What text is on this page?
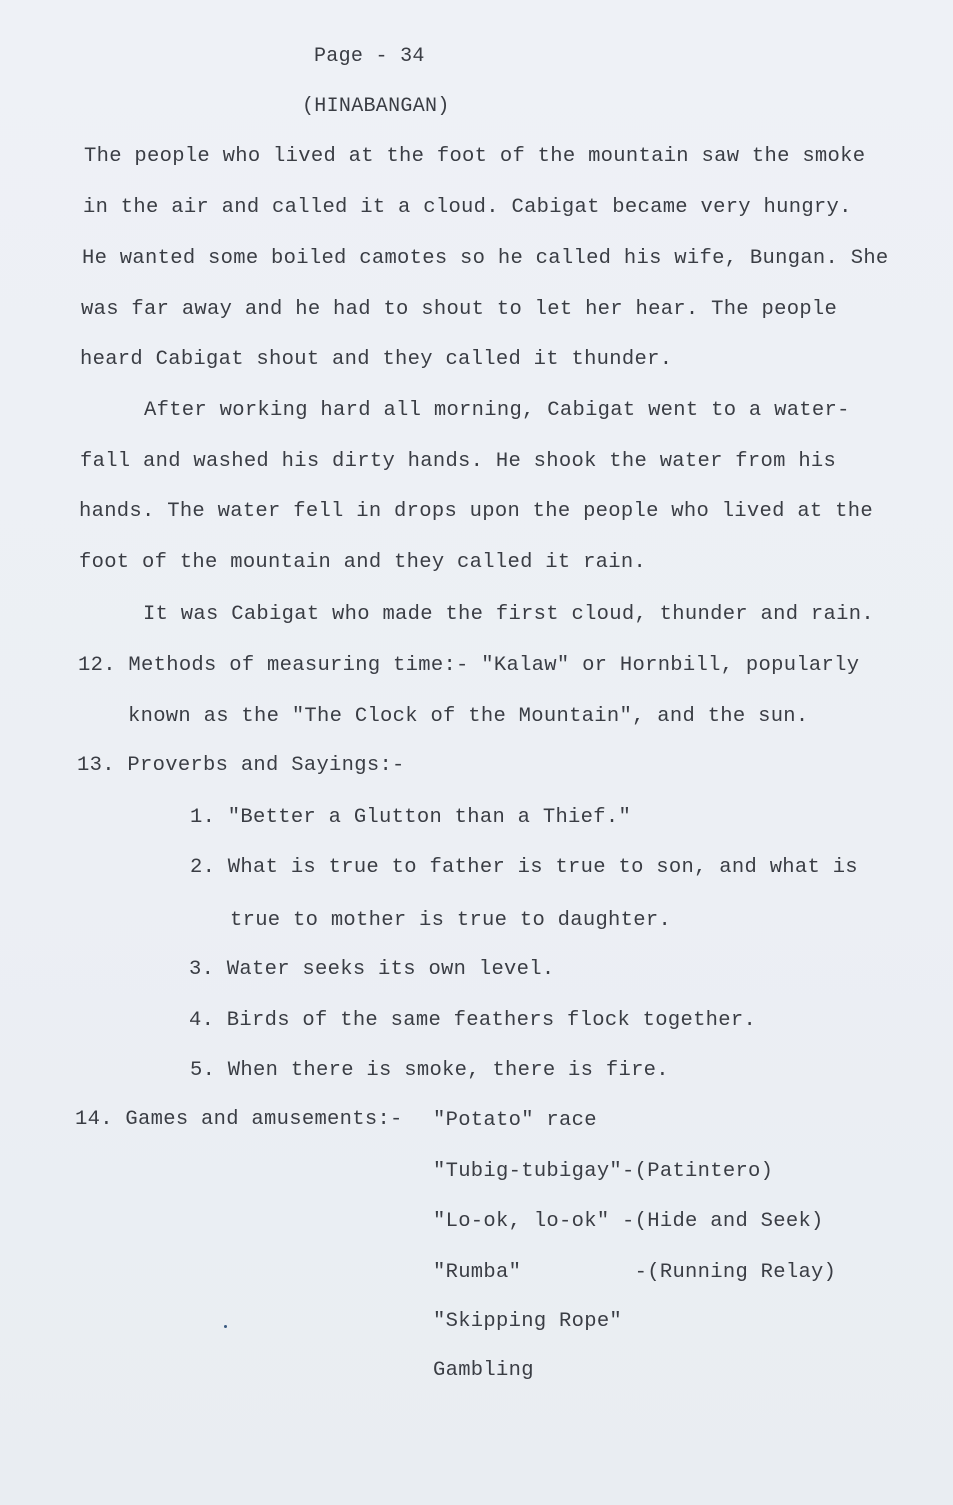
Page - 34
(HINABANGAN)
The people who lived at the foot of the mountain saw the smoke
in the air and called it a cloud. Cabigat became very hungry.
He wanted some boiled camotes so he called his wife, Bungan. She
was far away and he had to shout to let her hear. The people
heard Cabigat shout and they called it thunder.
After working hard all morning, Cabigat went to a water-
fall and washed his dirty hands. He shook the water from his
hands. The water fell in drops upon the people who lived at the
foot of the mountain and they called it rain.
It was Cabigat who made the first cloud, thunder and rain.
12. Methods of measuring time:- "Kalaw" or Hornbill, popularly
known as the "The Clock of the Mountain", and the sun.
13. Proverbs and Sayings:-
1. "Better a Glutton than a Thief."
2. What is true to father is true to son, and what is
true to mother is true to daughter.
3. Water seeks its own level.
4. Birds of the same feathers flock together.
5. When there is smoke, there is fire.
14. Games and amusements:- "Potato" race
"Tubig-tubigay"-(Patintero)
"Lo-ok, lo-ok" -(Hide and Seek)
"Rumba"         -(Running Relay)
"Skipping Rope"
Gambling
